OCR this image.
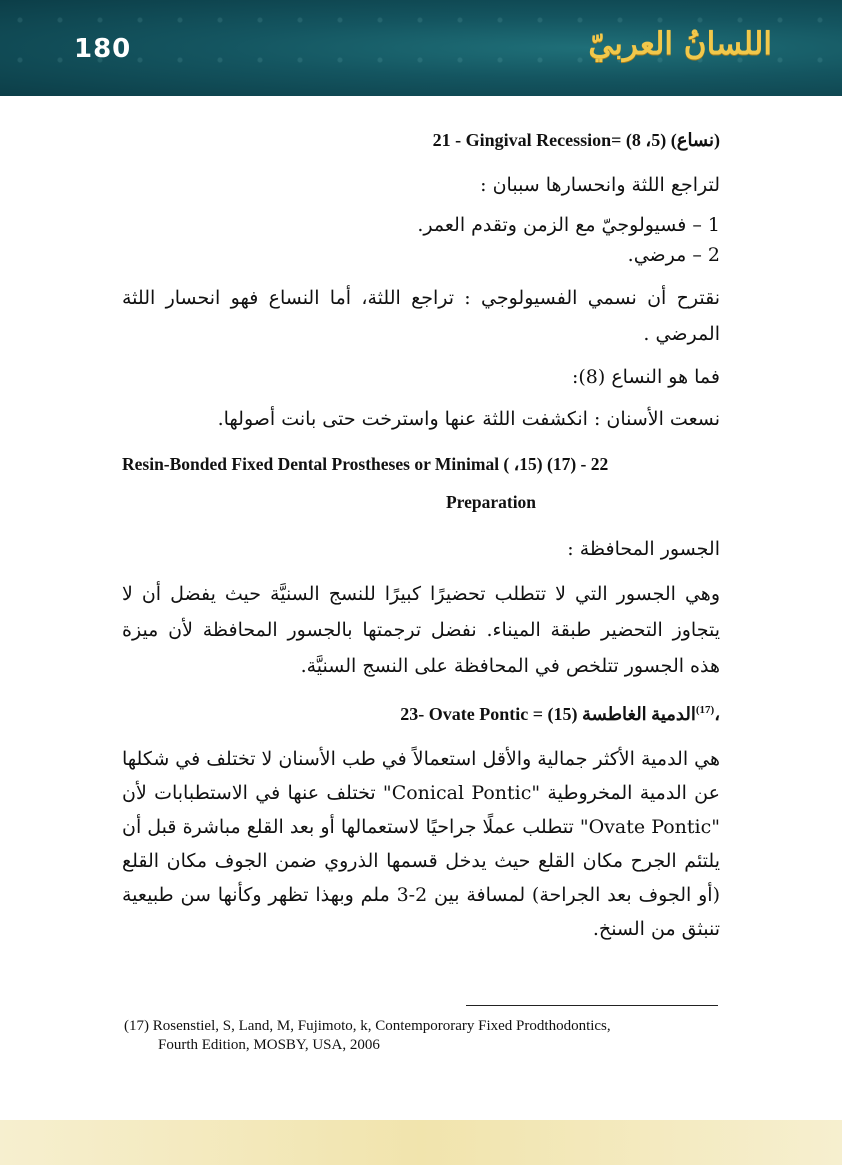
180	اللسانُ العربيّ

(نساع) (5، 8) 21 - Gingival Recession=

لتراجع اللثة وانحسارها سببان :

1 – فسيولوجيّ مع الزمن وتقدم العمر.

2 – مرضي.

نقترح أن نسمي الفسيولوجي : تراجع اللثة، أما النساع فهو انحسار اللثة المرضي .

فما هو النساع (8):

نسعت الأسنان : انكشفت اللثة عنها واسترخت حتى بانت أصولها.

Resin-Bonded Fixed Dental Prostheses or Minimal ( ،15) (17) - 22

Preparation

الجسور المحافظة :

وهي الجسور التي لا تتطلب تحضيرًا كبيرًا للنسج السنيَّة حيث يفضل أن لا يتجاوز التحضير طبقة الميناء. نفضل ترجمتها بالجسور المحافظة لأن ميزة هذه الجسور تتلخص في المحافظة على النسج السنيَّة.

،$^{(17)}$الدمية الغاطسة (15) 23- Ovate Pontic =

هي الدمية الأكثر جمالية والأقل استعمالاً في طب الأسنان لا تختلف في شكلها عن الدمية المخروطية "Conical Pontic" تختلف عنها في الاستطبابات لأن "Ovate Pontic" تتطلب عملًا جراحيًا لاستعمالها أو بعد القلع مباشرة قبل أن يلتئم الجرح مكان القلع حيث يدخل قسمها الذروي ضمن الجوف مكان القلع (أو الجوف بعد الجراحة) لمسافة بين 2-3 ملم وبهذا تظهر وكأنها سن طبيعية تنبثق من السنخ.

(17) Rosenstiel, S, Land, M, Fujimoto, k, Contempororary Fixed Prodthodontics,
Fourth Edition, MOSBY, USA, 2006
